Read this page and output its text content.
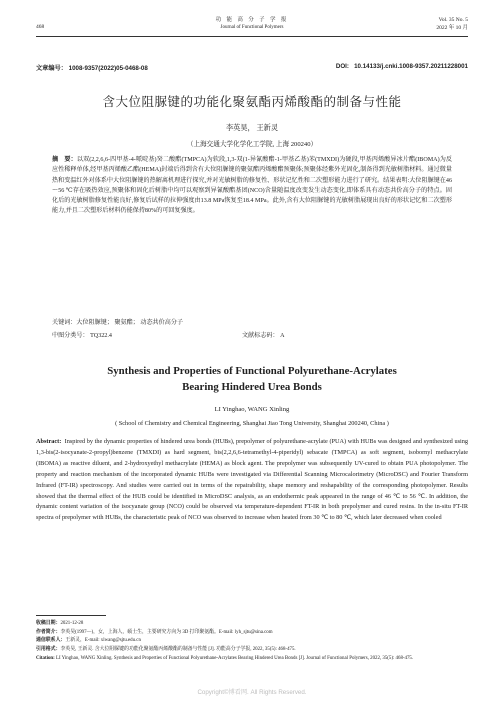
468
功 能 高 分 子 学 报
Journal of Functional Polymers
Vol. 35 No. 5
2022 年 10 月
文章编号： 1008-9357(2022)05-0468-08	DOI: 10.14133/j.cnki.1008-9357.20211228001
含大位阻脲键的功能化聚氨酯丙烯酸酯的制备与性能
李英昊， 王新灵
（上海交通大学化学化工学院, 上海 200240）
摘　要：以双(2,2,6,6-四甲基-4-哌啶基)癸二酸酯(TMPCA)为软段,1,3-双(1-异氰酸酯-1-甲基乙基)苯(TMXDI)为硬段,甲基丙烯酸异冰片酯(IBOMA)为反应性稀释单体,经甲基丙烯酸乙酯(HEMA)封端后得到含有大位阻脲键的聚氨酯丙烯酸酯预聚体;预聚体经紫外光固化,制备得到光敏树脂材料。通过微量热和变温红外对体系中大位阻脲键的热解离机理进行探究,并对光敏树脂的修复性、形状记忆性和二次塑形能力进行了研究。结果表明:大位阻脲键在46～56 ℃存在吸热效应,预聚体和固化后树脂中均可以观察到异氰酸酯基团(NCO)含量随温度改变发生动态变化,即体系具有动态共价高分子的特点。固化后的光敏树脂修复性能良好,修复后试样的拉伸强度由13.8 MPa恢复至18.4 MPa。此外,含有大位阻脲键的光敏树脂展现出良好的形状记忆和二次塑形能力,并且二次塑形后材料仍能保持80%的可回复强度。
关键词：大位阻脲键； 聚氨酯； 动态共价高分子
中图分类号： TQ322.4	文献标志码： A
Synthesis and Properties of Functional Polyurethane-Acrylates
Bearing Hindered Urea Bonds
LI Yinghao, WANG Xinling
( School of Chemistry and Chemical Engineering, Shanghai Jiao Tong University, Shanghai 200240, China )
Abstract: Inspired by the dynamic properties of hindered urea bonds (HUBs), prepolymer of polyurethane-acrylate (PUA) with HUBs was designed and synthesized using 1,3-bis(2-isocyanate-2-propyl)benzene (TMXDI) as hard segment, bis(2,2,6,6-tetramethyl-4-piperidyl) sebacate (TMPCA) as soft segment, isobornyl methacrylate (IBOMA) as reactive diluent, and 2-hydroxyethyl methacrylate (HEMA) as block agent. The prepolymer was subsequently UV-cured to obtain PUA photopolymer. The property and reaction mechanism of the incorporated dynamic HUBs were investigated via Differential Scanning Microcalorimetry (MicroDSC) and Fourier Transform Infrared (FT-IR) spectroscopy. And studies were carried out in terms of the repairability, shape memory and reshapability of the corresponding photopolymer. Results showed that the thermal effect of the HUB could be identified in MicroDSC analysis, as an endothermic peak appeared in the range of 46 ℃ to 56 ℃. In addition, the dynamic content variation of the isocyanate group (NCO) could be observed via temperature-dependent FT-IR in both prepolymer and cured resins. In the in-situ FT-IR spectra of prepolymer with HUBs, the characteristic peak of NCO was observed to increase when heated from 30 ℃ to 80 ℃, which later decreased when cooled
收稿日期：2021-12-28
作者简介：李英昊(1997—)，女，上海人，硕士生，主要研究方向为 3D 打印聚氨酯。E-mail: lyh_sjtu@sina.com
通信联系人：王新灵，E-mail: xlwang@sjtu.edu.cn
引用格式：李英昊, 王新灵. 含大位阻脲键的功能化聚氨酯丙烯酸酯的制备与性能 [J]. 功能高分子学报, 2022, 35(5): 468-475.
Citation: LI Yinghao, WANG Xinling. Synthesis and Properties of Functional Polyurethane-Acrylates Bearing Hindered Urea Bonds [J]. Journal of Functional Polymers, 2022, 35(5): 468-475.
Copyright©博看网. All Rights Reserved.
